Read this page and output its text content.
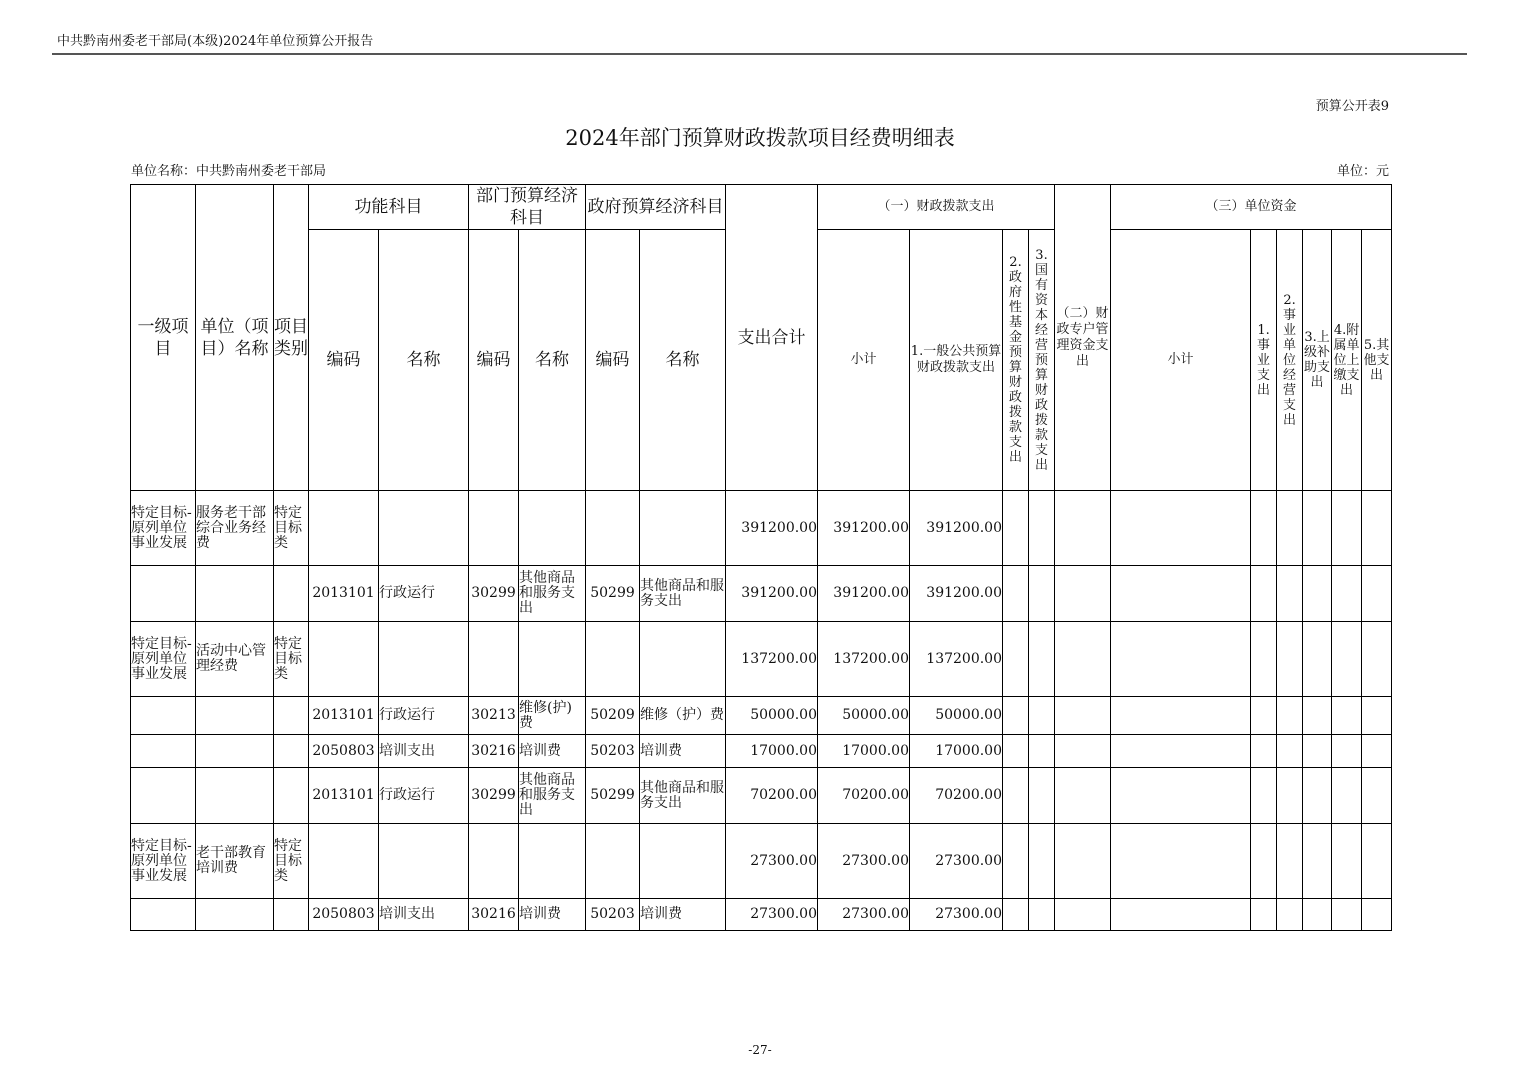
中共黔南州委老干部局(本级)2024年单位预算公开报告
预算公开表9
2024年部门预算财政拨款项目经费明细表
单位名称：中共黔南州委老干部局	单位：元
一级项目	单位（项目）名称	项目类别	功能科目		部门预算经济科目		政府预算经济科目		支出合计	（一）财政拨款支出				（二）财政专户管理资金支出	（三）单位资金					
			编码	名称	编码	名称	编码	名称		小计	1.一般公共预算财政拨款支出	2.政府性基金预算财政拨款支出	3.国有资本经营预算财政拨款支出		小计	1.事业支出	2.事业单位经营支出	3.上级补助支出	4.附属单位上缴支出	5.其他支出
特定目标-原列单位事业发展	服务老干部综合业务经费	特定目标类							391200.00	391200.00	391200.00									
			2013101	行政运行	30299	其他商品和服务支出	50299	其他商品和服务支出	391200.00	391200.00	391200.00									
特定目标-原列单位事业发展	活动中心管理经费	特定目标类							137200.00	137200.00	137200.00									
			2013101	行政运行	30213	维修(护)费	50209	维修（护）费	50000.00	50000.00	50000.00									
			2050803	培训支出	30216	培训费	50203	培训费	17000.00	17000.00	17000.00									
			2013101	行政运行	30299	其他商品和服务支出	50299	其他商品和服务支出	70200.00	70200.00	70200.00									
特定目标-原列单位事业发展	老干部教育培训费	特定目标类							27300.00	27300.00	27300.00									
			2050803	培训支出	30216	培训费	50203	培训费	27300.00	27300.00	27300.00									
-27-
